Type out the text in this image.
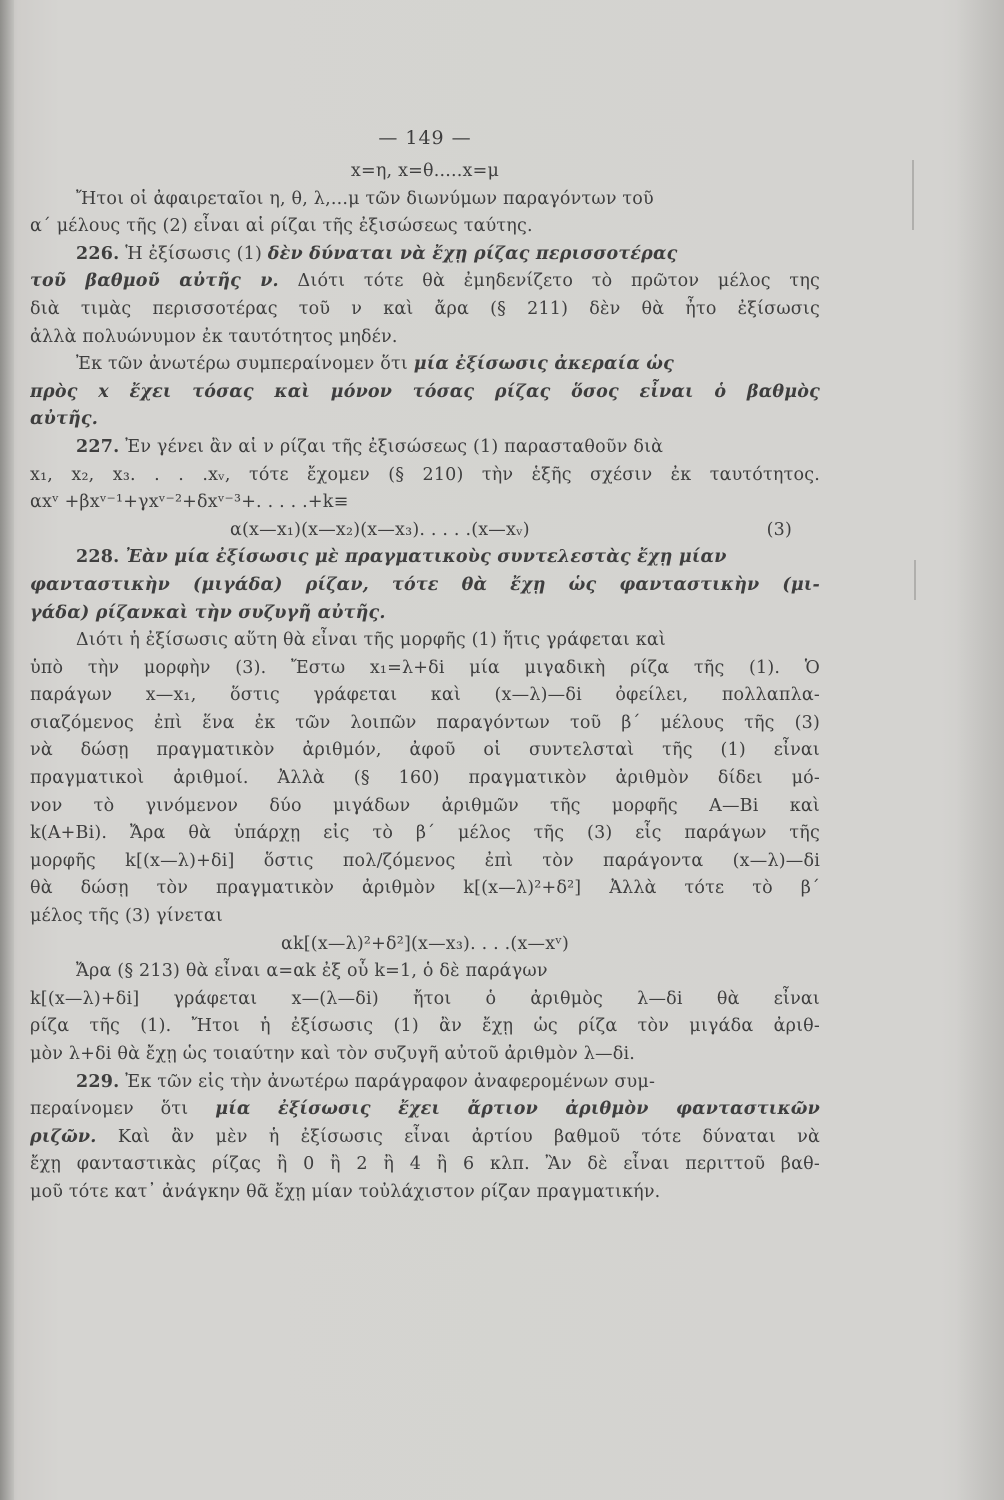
— 149 —
x=η, x=θ.....x=μ
Ἤτοι οἱ ἀφαιρεταῖοι η, θ, λ,...μ τῶν διωνύμων παραγόντων τοῦ
α΄ μέλους τῆς (2) εἶναι αἱ ρίζαι τῆς ἐξισώσεως ταύτης.
226. Ἡ ἐξίσωσις (1) δὲν δύναται νὰ ἔχῃ ρίζας περισσοτέρας
τοῦ βαθμοῦ αὐτῆς ν. Διότι τότε θὰ ἐμηδενίζετο τὸ πρῶτον μέλος της
διὰ τιμὰς περισσοτέρας τοῦ ν καὶ ἄρα (§ 211) δὲν θὰ ἦτο ἐξίσωσις
ἀλλὰ πολυώνυμον ἐκ ταυτότητος μηδέν.
Ἐκ τῶν ἀνωτέρω συμπεραίνομεν ὅτι μία ἐξίσωσις ἀκεραία ὡς
πρὸς x ἔχει τόσας καὶ μόνον τόσας ρίζας ὅσος εἶναι ὁ βαθμὸς
αὐτῆς.
227. Ἐν γένει ἂν αἱ ν ρίζαι τῆς ἐξισώσεως (1) παρασταθοῦν διὰ
x₁, x₂, x₃. . . .xᵥ, τότε ἔχομεν (§ 210) τὴν ἑξῆς σχέσιν ἐκ ταυτότητος.
αxᵛ +βxᵛ⁻¹+γxᵛ⁻²+δxᵛ⁻³+. . . . .+k≡
α(x—x₁)(x—x₂)(x—x₃). . . . .(x—xᵥ)	(3)
228. Ἐὰν μία ἐξίσωσις μὲ πραγματικοὺς συντελεστὰς ἔχῃ μίαν
φανταστικὴν (μιγάδα) ρίζαν, τότε θὰ ἔχῃ ὡς φανταστικὴν (μι-
γάδα) ρίζανκαὶ τὴν συζυγῆ αὐτῆς.
Διότι ἡ ἐξίσωσις αὕτη θὰ εἶναι τῆς μορφῆς (1) ἥτις γράφεται καὶ
ὑπὸ τὴν μορφὴν (3). Ἔστω x₁=λ+δi μία μιγαδικὴ ρίζα τῆς (1). Ὁ
παράγων x—x₁, ὅστις γράφεται καὶ (x—λ)—δi ὀφείλει, πολλαπλα-
σιαζόμενος ἐπὶ ἕνα ἐκ τῶν λοιπῶν παραγόντων τοῦ β΄ μέλους τῆς (3)
νὰ δώσῃ πραγματικὸν ἀριθμόν, ἀφοῦ οἱ συντελσταὶ τῆς (1) εἶναι
πραγματικοὶ ἀριθμοί. Ἀλλὰ (§ 160) πραγματικὸν ἀριθμὸν δίδει μό-
νον τὸ γινόμενον δύο μιγάδων ἀριθμῶν τῆς μορφῆς Α—Βi καὶ
k(Α+Βi). Ἄρα θὰ ὑπάρχῃ εἰς τὸ β΄ μέλος τῆς (3) εἷς παράγων τῆς
μορφῆς k[(x—λ)+δi] ὅστις πολ/ζόμενος ἐπὶ τὸν παράγοντα (x—λ)—δi
θὰ δώσῃ τὸν πραγματικὸν ἀριθμὸν k[(x—λ)²+δ²] Ἀλλὰ τότε τὸ β΄
μέλος τῆς (3) γίνεται
αk[(x—λ)²+δ²](x—x₃). . . .(x—xᵛ)
Ἄρα (§ 213) θὰ εἶναι α=αk ἐξ οὗ k=1, ὁ δὲ παράγων
k[(x—λ)+δi] γράφεται x—(λ—δi) ἤτοι ὁ ἀριθμὸς λ—δi θὰ εἶναι
ρίζα τῆς (1). Ἤτοι ἡ ἐξίσωσις (1) ἂν ἔχῃ ὡς ρίζα τὸν μιγάδα ἀριθ-
μὸν λ+δi θὰ ἔχῃ ὡς τοιαύτην καὶ τὸν συζυγῆ αὐτοῦ ἀριθμὸν λ—δi.
229. Ἐκ τῶν εἰς τὴν ἀνωτέρω παράγραφον ἀναφερομένων συμ-
περαίνομεν ὅτι μία ἐξίσωσις ἔχει ἄρτιον ἀριθμὸν φανταστικῶν
ριζῶν. Καὶ ἂν μὲν ἡ ἐξίσωσις εἶναι ἀρτίου βαθμοῦ τότε δύναται νὰ
ἔχῃ φανταστικὰς ρίζας ἢ 0 ἢ 2 ἢ 4 ἢ 6 κλπ. Ἂν δὲ εἶναι περιττοῦ βαθ-
μοῦ τότε κατ᾽ ἀνάγκην θᾶ ἔχῃ μίαν τοὐλάχιστον ρίζαν πραγματικήν.
